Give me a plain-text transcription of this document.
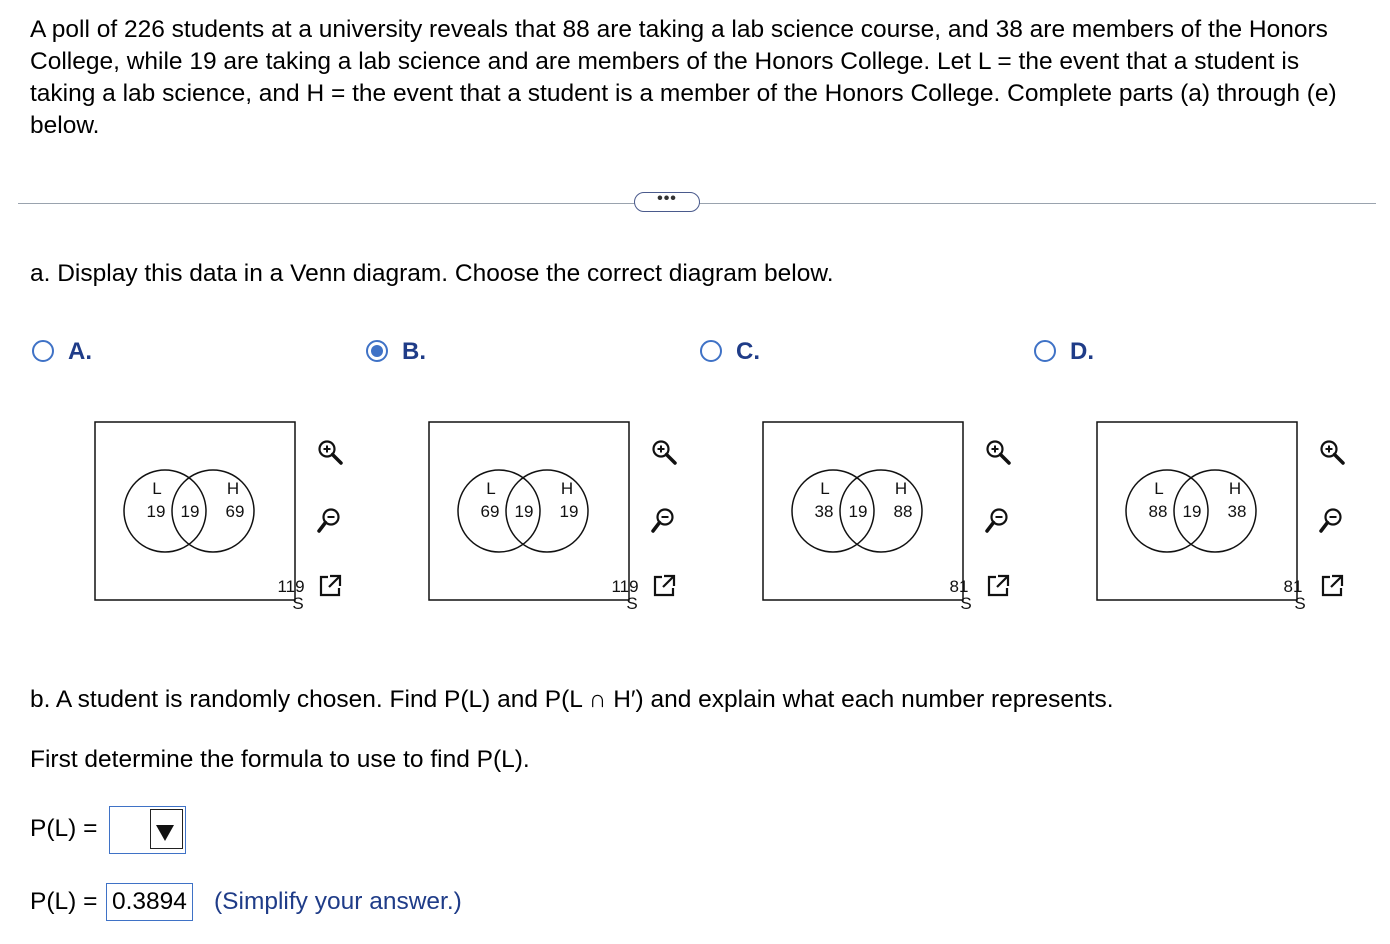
A poll of 226 students at a university reveals that 88 are taking a lab science course, and 38 are members of the Honors College, while 19 are taking a lab science and are members of the Honors College. Let L = the event that a student is taking a lab science, and H = the event that a student is a member of the Honors College. Complete parts (a) through (e) below.
•••
a. Display this data in a Venn diagram. Choose the correct diagram below.
A.
L	H
19 19 69
119
S
B.
L	H
69 19 19
119
S
C.
L	H
38 19 88
81
S
D.
L	H
88 19 38
81
S
b. A student is randomly chosen. Find P(L) and P(L ∩ H′) and explain what each number represents.
First determine the formula to use to find P(L).
P(L) =
P(L) = 0.3894 (Simplify your answer.)
